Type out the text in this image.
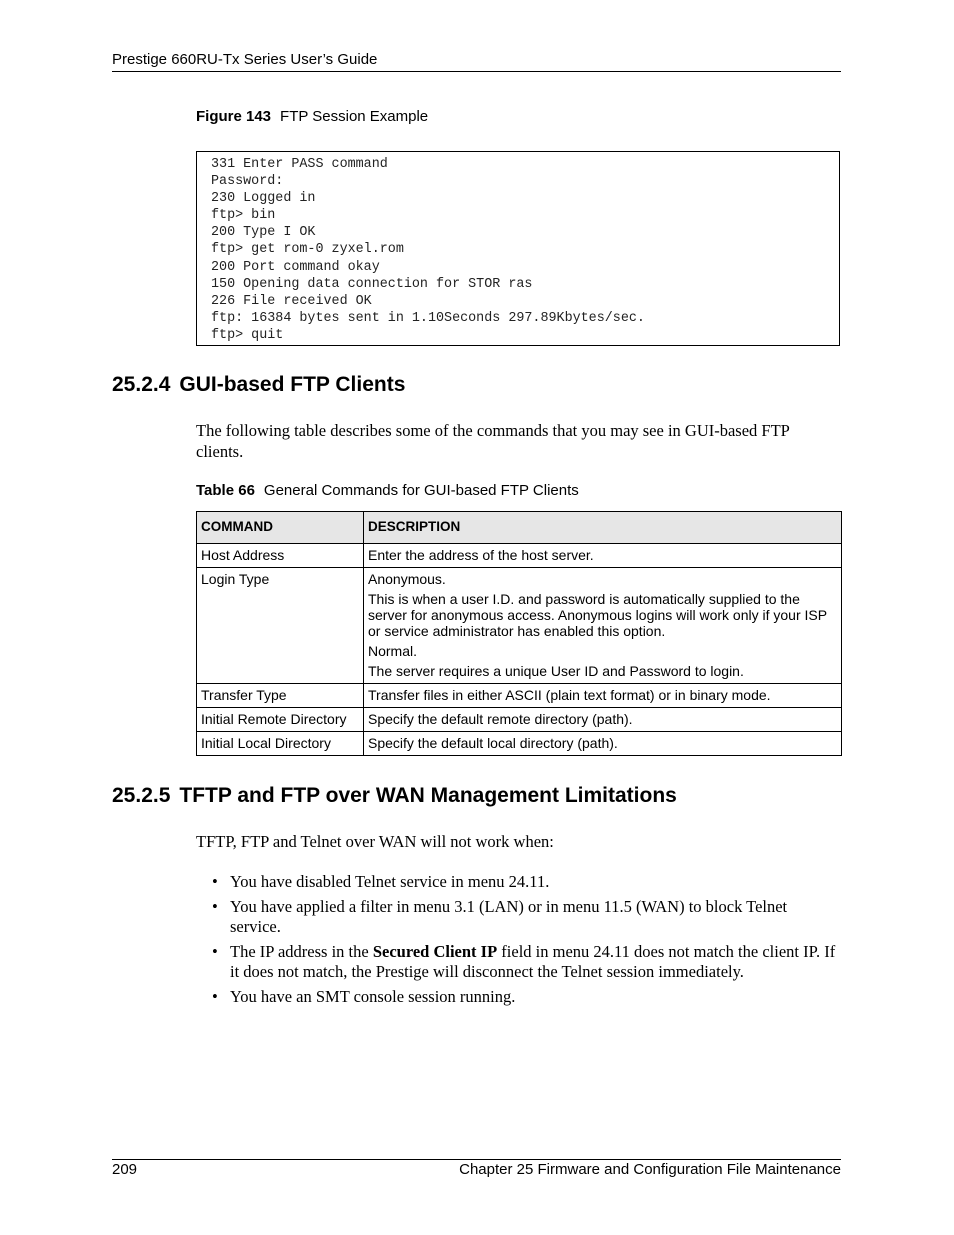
Prestige 660RU-Tx Series User’s Guide
Figure 143 FTP Session Example
331 Enter PASS command
Password:
230 Logged in
ftp> bin
200 Type I OK
ftp> get rom-0 zyxel.rom
200 Port command okay
150 Opening data connection for STOR ras
226 File received OK
ftp: 16384 bytes sent in 1.10Seconds 297.89Kbytes/sec.
ftp> quit
25.2.4 GUI-based FTP Clients
The following table describes some of the commands that you may see in GUI-based FTP clients.
Table 66 General Commands for GUI-based FTP Clients
COMMAND	DESCRIPTION
Host Address	Enter the address of the host server.

Login Type	Anonymous.
This is when a user I.D. and password is automatically supplied to the server for anonymous access. Anonymous logins will work only if your ISP or service administrator has enabled this option.
Normal.
The server requires a unique User ID and Password to login.

Transfer Type	Transfer files in either ASCII (plain text format) or in binary mode.

Initial Remote Directory	Specify the default remote directory (path).

Initial Local Directory	Specify the default local directory (path).
25.2.5 TFTP and FTP over WAN Management Limitations
TFTP, FTP and Telnet over WAN will not work when:
• You have disabled Telnet service in menu 24.11.
• You have applied a filter in menu 3.1 (LAN) or in menu 11.5 (WAN) to block Telnet service.
• The IP address in the Secured Client IP field in menu 24.11 does not match the client IP. If it does not match, the Prestige will disconnect the Telnet session immediately.
• You have an SMT console session running.
209	Chapter 25 Firmware and Configuration File Maintenance
